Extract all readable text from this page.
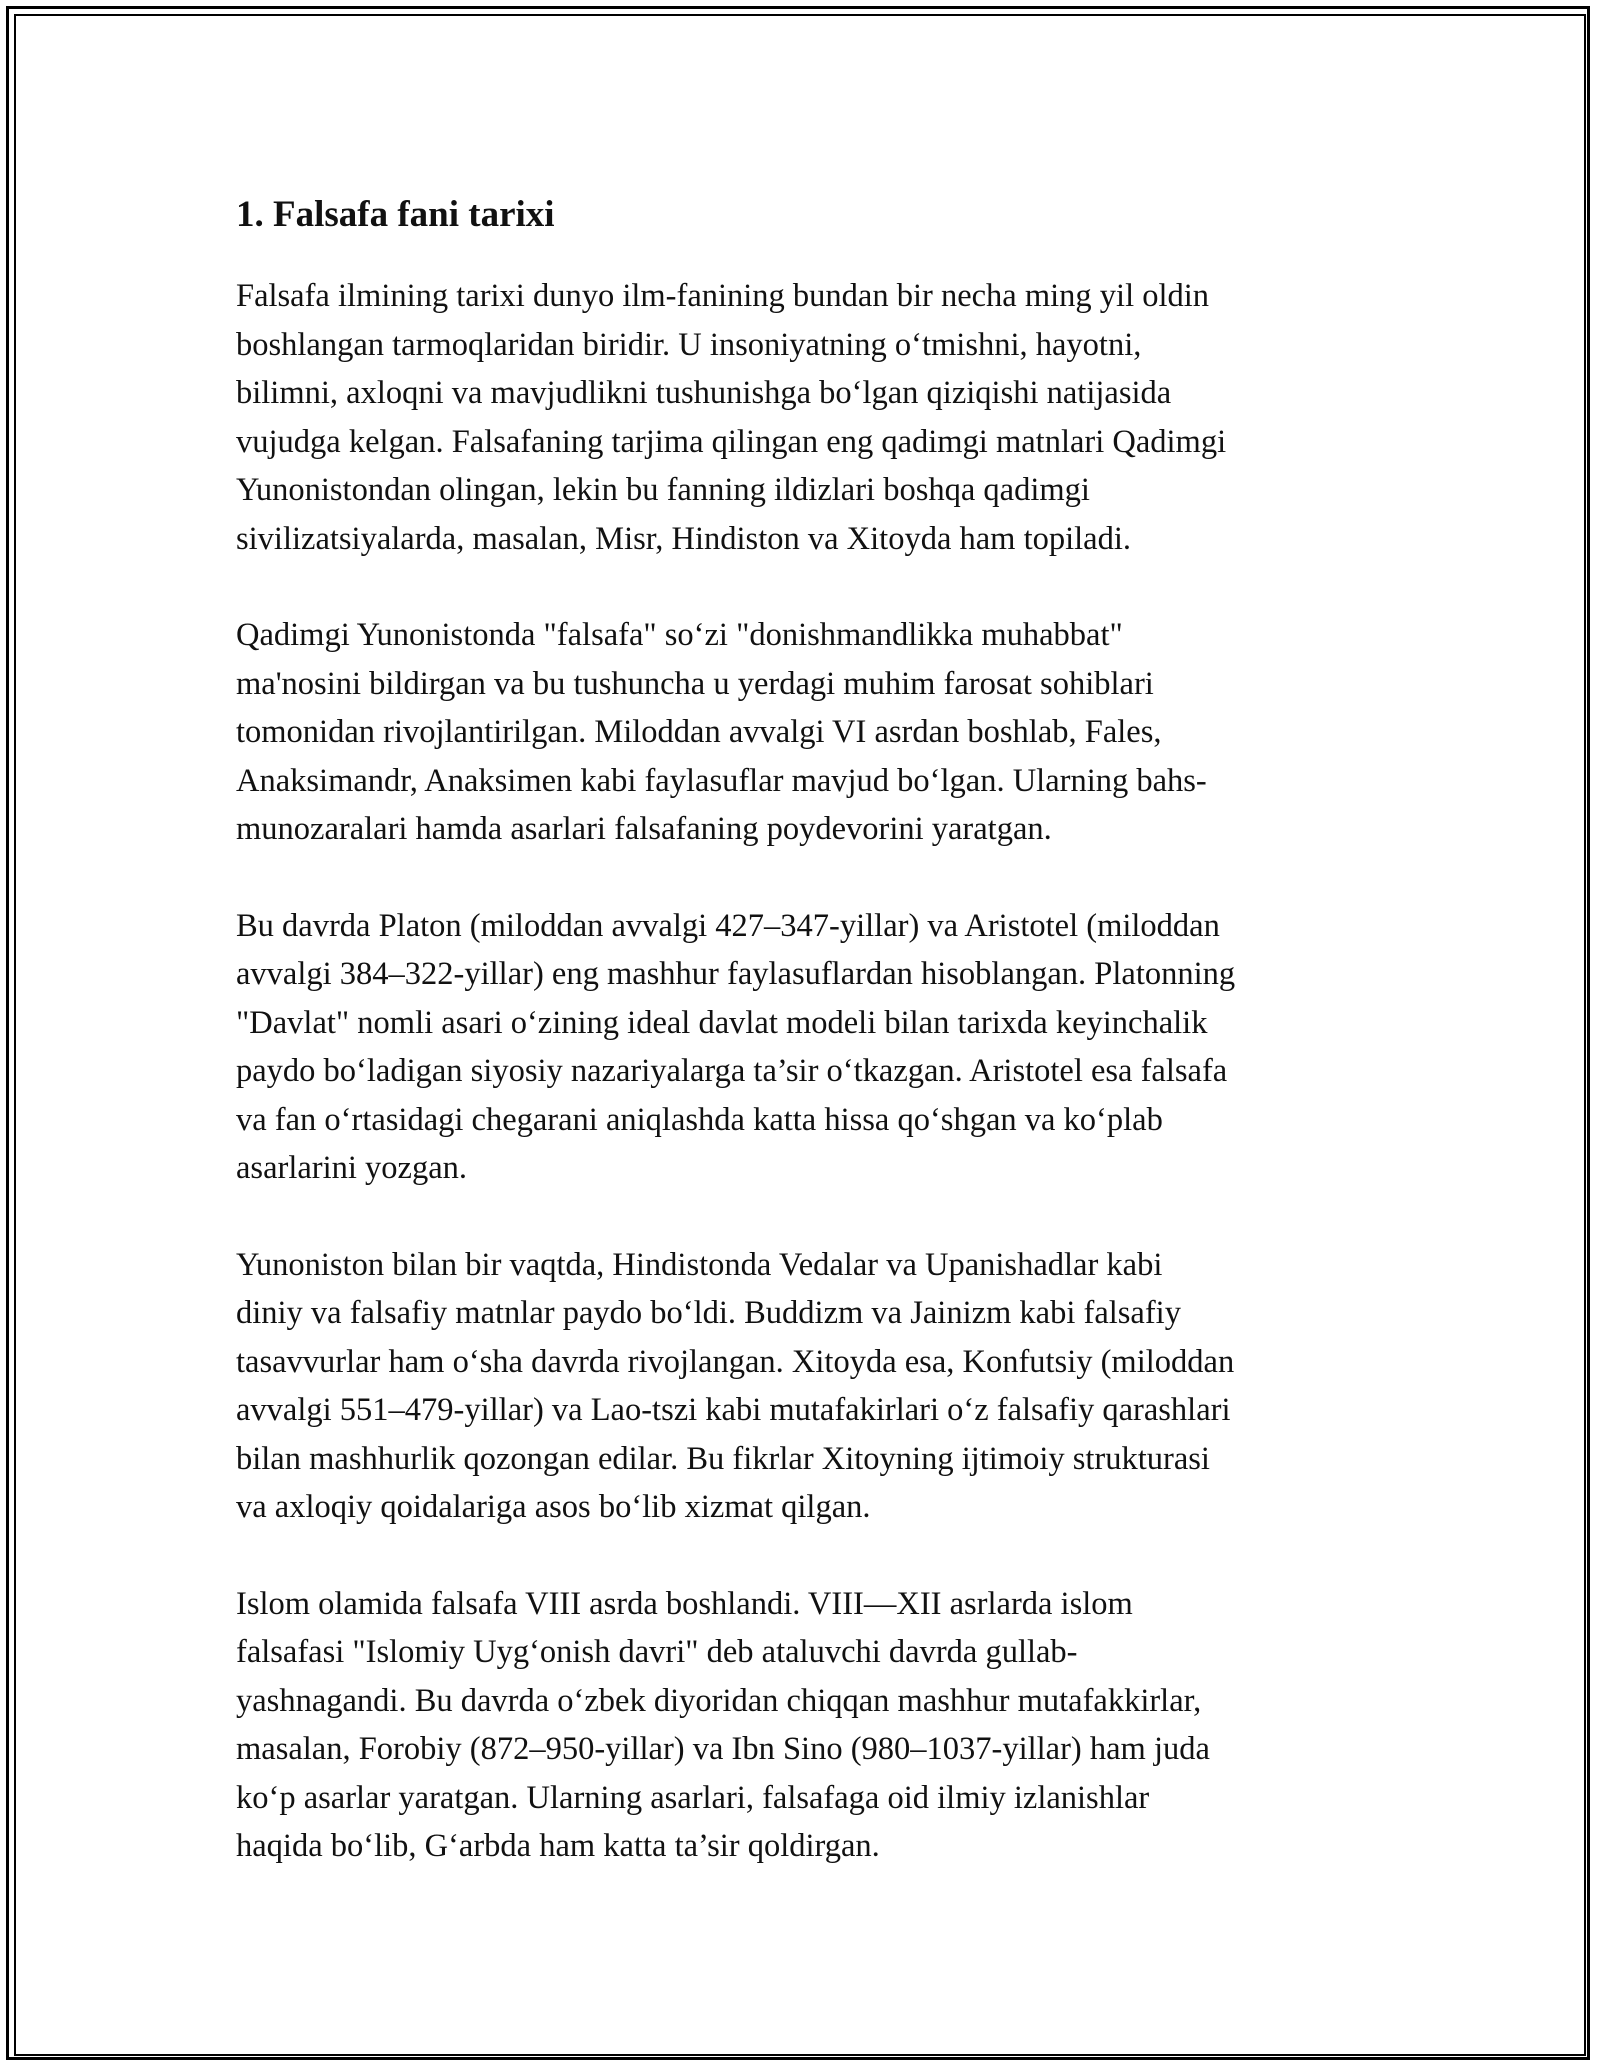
1. Falsafa fani tarixi

Falsafa ilmining tarixi dunyo ilm-fanining bundan bir necha ming yil oldin
boshlangan tarmoqlaridan biridir. U insoniyatning o‘tmishni, hayotni,
bilimni, axloqni va mavjudlikni tushunishga bo‘lgan qiziqishi natijasida
vujudga kelgan. Falsafaning tarjima qilingan eng qadimgi matnlari Qadimgi
Yunonistondan olingan, lekin bu fanning ildizlari boshqa qadimgi
sivilizatsiyalarda, masalan, Misr, Hindiston va Xitoyda ham topiladi.

Qadimgi Yunonistonda "falsafa" so‘zi "donishmandlikka muhabbat"
ma'nosini bildirgan va bu tushuncha u yerdagi muhim farosat sohiblari
tomonidan rivojlantirilgan. Miloddan avvalgi VI asrdan boshlab, Fales,
Anaksimandr, Anaksimen kabi faylasuflar mavjud bo‘lgan. Ularning bahs-
munozaralari hamda asarlari falsafaning poydevorini yaratgan.

Bu davrda Platon (miloddan avvalgi 427–347-yillar) va Aristotel (miloddan
avvalgi 384–322-yillar) eng mashhur faylasuflardan hisoblangan. Platonning
"Davlat" nomli asari o‘zining ideal davlat modeli bilan tarixda keyinchalik
paydo bo‘ladigan siyosiy nazariyalarga ta’sir o‘tkazgan. Aristotel esa falsafa
va fan o‘rtasidagi chegarani aniqlashda katta hissa qo‘shgan va ko‘plab
asarlarini yozgan.

Yunoniston bilan bir vaqtda, Hindistonda Vedalar va Upanishadlar kabi
diniy va falsafiy matnlar paydo bo‘ldi. Buddizm va Jainizm kabi falsafiy
tasavvurlar ham o‘sha davrda rivojlangan. Xitoyda esa, Konfutsiy (miloddan
avvalgi 551–479-yillar) va Lao-tszi kabi mutafakirlari o‘z falsafiy qarashlari
bilan mashhurlik qozongan edilar. Bu fikrlar Xitoyning ijtimoiy strukturasi
va axloqiy qoidalariga asos bo‘lib xizmat qilgan.

Islom olamida falsafa VIII asrda boshlandi. VIII—XII asrlarda islom
falsafasi "Islomiy Uyg‘onish davri" deb ataluvchi davrda gullab-
yashnagandi. Bu davrda o‘zbek diyoridan chiqqan mashhur mutafakkirlar,
masalan, Forobiy (872–950-yillar) va Ibn Sino (980–1037-yillar) ham juda
ko‘p asarlar yaratgan. Ularning asarlari, falsafaga oid ilmiy izlanishlar
haqida bo‘lib, G‘arbda ham katta ta’sir qoldirgan.
